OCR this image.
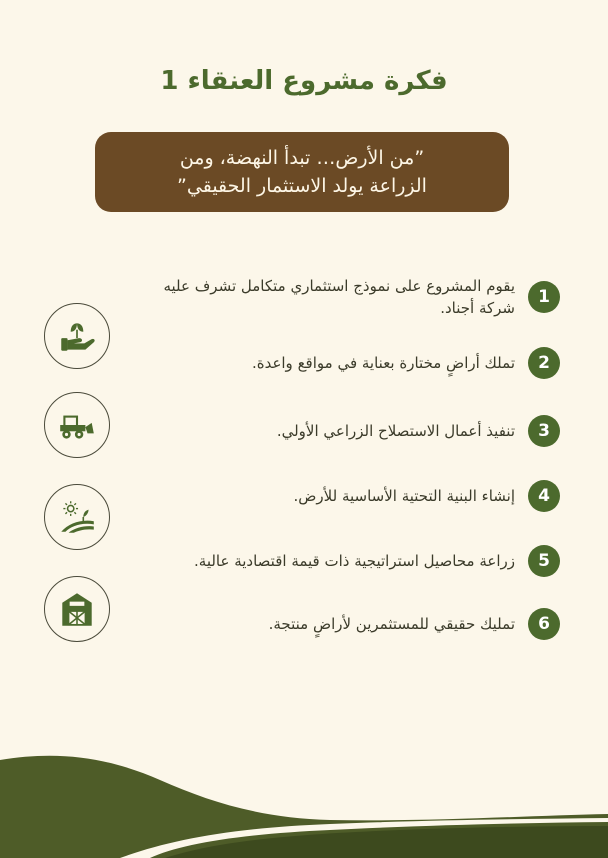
فكرة مشروع العنقاء 1
”من الأرض… تبدأ النهضة، ومن
الزراعة يولد الاستثمار الحقيقي”
1
يقوم المشروع على نموذج استثماري متكامل تشرف عليه شركة أجناد.
2
تملك أراضٍ مختارة بعناية في مواقع واعدة.
3
تنفيذ أعمال الاستصلاح الزراعي الأولي.
4
إنشاء البنية التحتية الأساسية للأرض.
5
زراعة محاصيل استراتيجية ذات قيمة اقتصادية عالية.
6
تمليك حقيقي للمستثمرين لأراضٍ منتجة.
